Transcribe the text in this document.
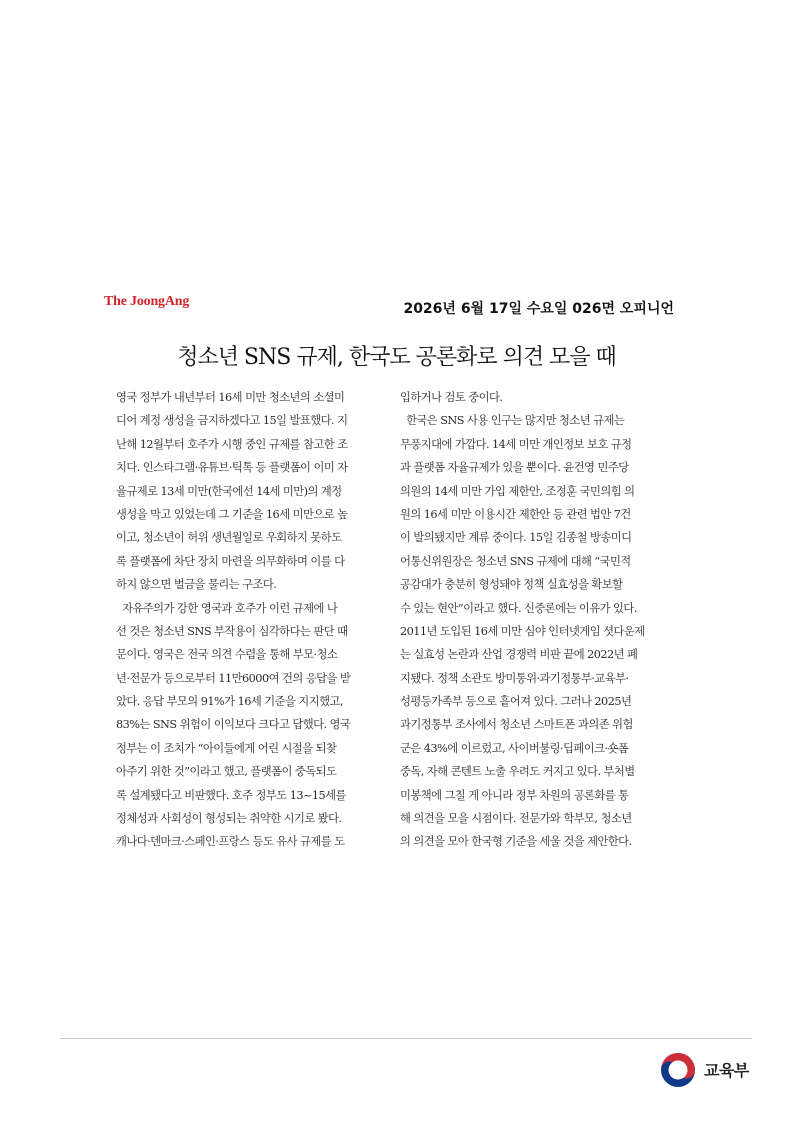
The JoongAng	2026년 6월 17일 수요일 026면 오피니언
청소년 SNS 규제, 한국도 공론화로 의견 모을 때
영국 정부가 내년부터 16세 미만 청소년의 소셜미
디어 계정 생성을 금지하겠다고 15일 발표했다. 지
난해 12월부터 호주가 시행 중인 규제를 참고한 조
치다. 인스타그램·유튜브·틱톡 등 플랫폼이 이미 자
율규제로 13세 미만(한국에선 14세 미만)의 계정
생성을 막고 있었는데 그 기준을 16세 미만으로 높
이고, 청소년이 허위 생년월일로 우회하지 못하도
록 플랫폼에 차단 장치 마련을 의무화하며 이를 다
하지 않으면 벌금을 물리는 구조다.
자유주의가 강한 영국과 호주가 이런 규제에 나
선 것은 청소년 SNS 부작용이 심각하다는 판단 때
문이다. 영국은 전국 의견 수렴을 통해 부모·청소
년·전문가 등으로부터 11만6000여 건의 응답을 받
았다. 응답 부모의 91%가 16세 기준을 지지했고,
83%는 SNS 위험이 이익보다 크다고 답했다. 영국
정부는 이 조치가 “아이들에게 어린 시절을 되찾
아주기 위한 것”이라고 했고, 플랫폼이 중독되도
록 설계됐다고 비판했다. 호주 정부도 13~15세를
정체성과 사회성이 형성되는 취약한 시기로 봤다.
캐나다·덴마크·스페인·프랑스 등도 유사 규제를 도
입하거나 검토 중이다.
한국은 SNS 사용 인구는 많지만 청소년 규제는
무풍지대에 가깝다. 14세 미만 개인정보 보호 규정
과 플랫폼 자율규제가 있을 뿐이다. 윤건영 민주당
의원의 14세 미만 가입 제한안, 조정훈 국민의힘 의
원의 16세 미만 이용시간 제한안 등 관련 법안 7건
이 발의됐지만 계류 중이다. 15일 김종철 방송미디
어통신위원장은 청소년 SNS 규제에 대해 “국민적
공감대가 충분히 형성돼야 정책 실효성을 확보할
수 있는 현안”이라고 했다. 신중론에는 이유가 있다.
2011년 도입된 16세 미만 심야 인터넷게임 셧다운제
는 실효성 논란과 산업 경쟁력 비판 끝에 2022년 폐
지됐다. 정책 소관도 방미통위·과기정통부·교육부·
성평등가족부 등으로 흩어져 있다. 그러나 2025년
과기정통부 조사에서 청소년 스마트폰 과의존 위험
군은 43%에 이르렀고, 사이버불링·딥페이크·숏폼
중독, 자해 콘텐트 노출 우려도 커지고 있다. 부처별
미봉책에 그칠 게 아니라 정부 차원의 공론화를 통
해 의견을 모을 시점이다. 전문가와 학부모, 청소년
의 의견을 모아 한국형 기준을 세울 것을 제안한다.
교육부
